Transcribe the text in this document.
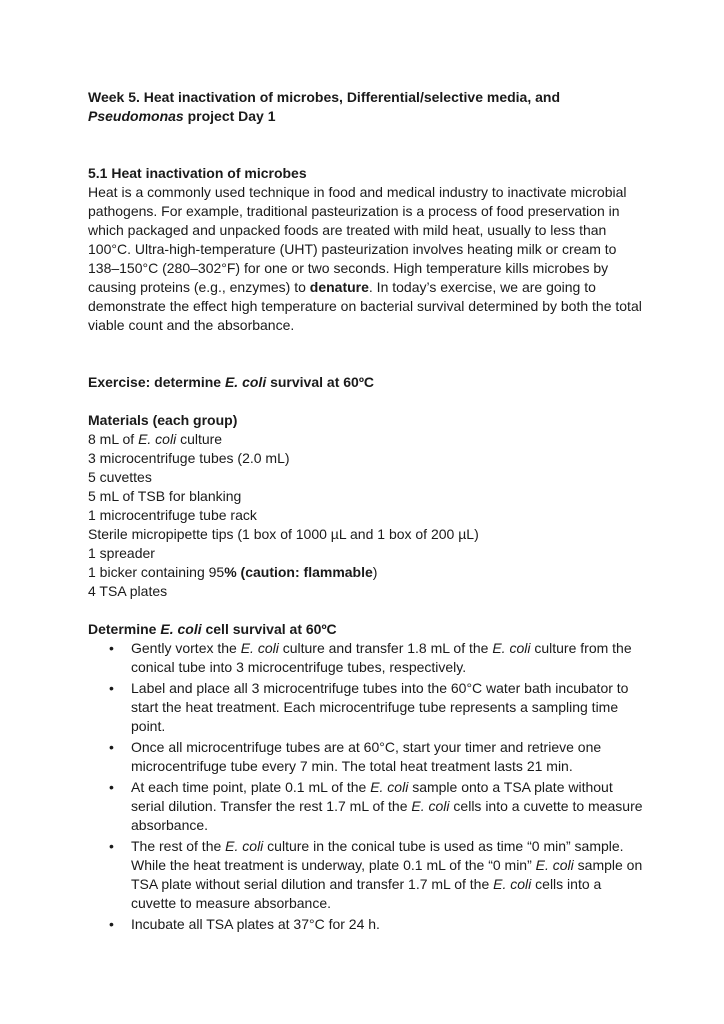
Week 5. Heat inactivation of microbes, Differential/selective media, and
Pseudomonas project Day 1

5.1 Heat inactivation of microbes

Heat is a commonly used technique in food and medical industry to inactivate microbial pathogens. For example, traditional pasteurization is a process of food preservation in which packaged and unpacked foods are treated with mild heat, usually to less than 100°C. Ultra-high-temperature (UHT) pasteurization involves heating milk or cream to 138–150°C (280–302°F) for one or two seconds. High temperature kills microbes by causing proteins (e.g., enzymes) to denature. In today’s exercise, we are going to demonstrate the effect high temperature on bacterial survival determined by both the total viable count and the absorbance.

Exercise: determine E. coli survival at 60ºC

Materials (each group)

8 mL of E. coli culture
3 microcentrifuge tubes (2.0 mL)
5 cuvettes
5 mL of TSB for blanking
1 microcentrifuge tube rack
Sterile micropipette tips (1 box of 1000 µL and 1 box of 200 µL)
1 spreader
1 bicker containing 95% (caution: flammable)
4 TSA plates

Determine E. coli cell survival at 60ºC

• Gently vortex the E. coli culture and transfer 1.8 mL of the E. coli culture from the conical tube into 3 microcentrifuge tubes, respectively.
• Label and place all 3 microcentrifuge tubes into the 60°C water bath incubator to start the heat treatment. Each microcentrifuge tube represents a sampling time point.
• Once all microcentrifuge tubes are at 60°C, start your timer and retrieve one microcentrifuge tube every 7 min. The total heat treatment lasts 21 min.
• At each time point, plate 0.1 mL of the E. coli sample onto a TSA plate without serial dilution. Transfer the rest 1.7 mL of the E. coli cells into a cuvette to measure absorbance.
• The rest of the E. coli culture in the conical tube is used as time “0 min” sample. While the heat treatment is underway, plate 0.1 mL of the “0 min” E. coli sample on TSA plate without serial dilution and transfer 1.7 mL of the E. coli cells into a cuvette to measure absorbance.
• Incubate all TSA plates at 37°C for 24 h.
